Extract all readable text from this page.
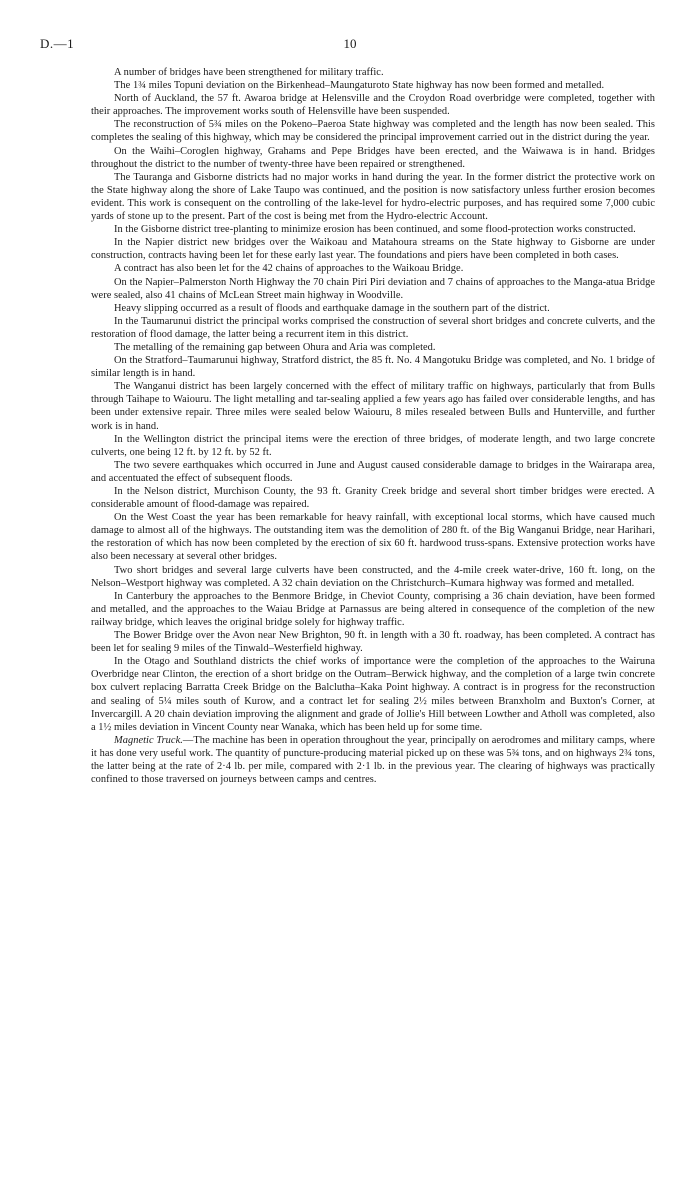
D.—1	10

A number of bridges have been strengthened for military traffic.

The 1¾ miles Topuni deviation on the Birkenhead–Maungaturoto State highway has now been formed and metalled.

North of Auckland, the 57 ft. Awaroa bridge at Helensville and the Croydon Road overbridge were completed, together with their approaches. The improvement works south of Helensville have been suspended.

The reconstruction of 5¾ miles on the Pokeno–Paeroa State highway was completed and the length has now been sealed. This completes the sealing of this highway, which may be considered the principal improvement carried out in the district during the year.

On the Waihi–Coroglen highway, Grahams and Pepe Bridges have been erected, and the Waiwawa is in hand. Bridges throughout the district to the number of twenty-three have been repaired or strengthened.

The Tauranga and Gisborne districts had no major works in hand during the year. In the former district the protective work on the State highway along the shore of Lake Taupo was continued, and the position is now satisfactory unless further erosion becomes evident. This work is consequent on the controlling of the lake-level for hydro-electric purposes, and has required some 7,000 cubic yards of stone up to the present. Part of the cost is being met from the Hydro-electric Account.

In the Gisborne district tree-planting to minimize erosion has been continued, and some flood-protection works constructed.

In the Napier district new bridges over the Waikoau and Matahoura streams on the State highway to Gisborne are under construction, contracts having been let for these early last year. The foundations and piers have been completed in both cases.

A contract has also been let for the 42 chains of approaches to the Waikoau Bridge.

On the Napier–Palmerston North Highway the 70 chain Piri Piri deviation and 7 chains of approaches to the Manga-atua Bridge were sealed, also 41 chains of McLean Street main highway in Woodville.

Heavy slipping occurred as a result of floods and earthquake damage in the southern part of the district.

In the Taumarunui district the principal works comprised the construction of several short bridges and concrete culverts, and the restoration of flood damage, the latter being a recurrent item in this district.

The metalling of the remaining gap between Ohura and Aria was completed.

On the Stratford–Taumarunui highway, Stratford district, the 85 ft. No. 4 Mangotuku Bridge was completed, and No. 1 bridge of similar length is in hand.

The Wanganui district has been largely concerned with the effect of military traffic on highways, particularly that from Bulls through Taihape to Waiouru. The light metalling and tar-sealing applied a few years ago has failed over considerable lengths, and has been under extensive repair. Three miles were sealed below Waiouru, 8 miles resealed between Bulls and Hunterville, and further work is in hand.

In the Wellington district the principal items were the erection of three bridges, of moderate length, and two large concrete culverts, one being 12 ft. by 12 ft. by 52 ft.

The two severe earthquakes which occurred in June and August caused considerable damage to bridges in the Wairarapa area, and accentuated the effect of subsequent floods.

In the Nelson district, Murchison County, the 93 ft. Granity Creek bridge and several short timber bridges were erected. A considerable amount of flood-damage was repaired.

On the West Coast the year has been remarkable for heavy rainfall, with exceptional local storms, which have caused much damage to almost all of the highways. The outstanding item was the demolition of 280 ft. of the Big Wanganui Bridge, near Harihari, the restoration of which has now been completed by the erection of six 60 ft. hardwood truss-spans. Extensive protection works have also been necessary at several other bridges.

Two short bridges and several large culverts have been constructed, and the 4-mile creek water-drive, 160 ft. long, on the Nelson–Westport highway was completed. A 32 chain deviation on the Christchurch–Kumara highway was formed and metalled.

In Canterbury the approaches to the Benmore Bridge, in Cheviot County, comprising a 36 chain deviation, have been formed and metalled, and the approaches to the Waiau Bridge at Parnassus are being altered in consequence of the completion of the new railway bridge, which leaves the original bridge solely for highway traffic.

The Bower Bridge over the Avon near New Brighton, 90 ft. in length with a 30 ft. roadway, has been completed. A contract has been let for sealing 9 miles of the Tinwald–Westerfield highway.

In the Otago and Southland districts the chief works of importance were the completion of the approaches to the Wairuna Overbridge near Clinton, the erection of a short bridge on the Outram–Berwick highway, and the completion of a large twin concrete box culvert replacing Barratta Creek Bridge on the Balclutha–Kaka Point highway. A contract is in progress for the reconstruction and sealing of 5¼ miles south of Kurow, and a contract let for sealing 2½ miles between Branxholm and Buxton's Corner, at Invercargill. A 20 chain deviation improving the alignment and grade of Jollie's Hill between Lowther and Atholl was completed, also a 1½ miles deviation in Vincent County near Wanaka, which has been held up for some time.

Magnetic Truck.—The machine has been in operation throughout the year, principally on aerodromes and military camps, where it has done very useful work. The quantity of puncture-producing material picked up on these was 5¾ tons, and on highways 2¾ tons, the latter being at the rate of 2·4 lb. per mile, compared with 2·1 lb. in the previous year. The clearing of highways was practically confined to those traversed on journeys between camps and centres.
